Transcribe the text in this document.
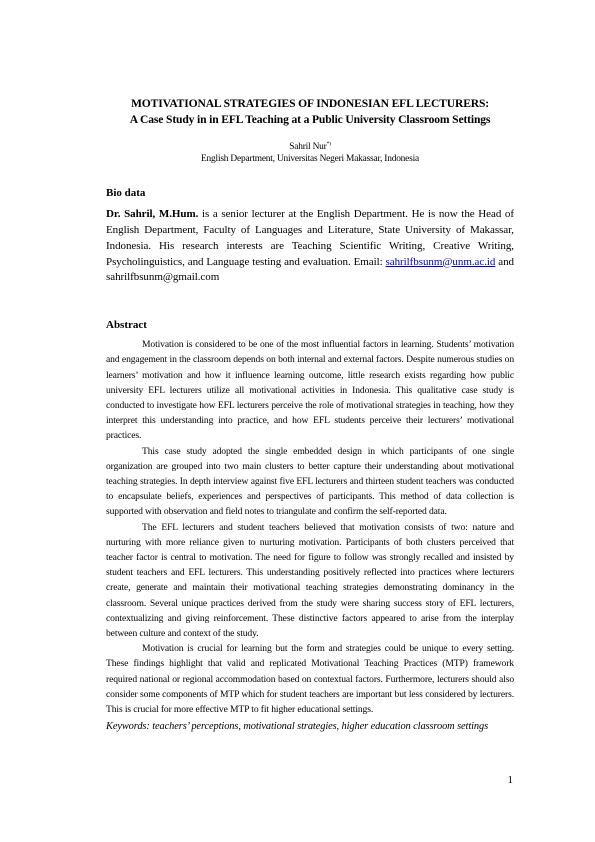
MOTIVATIONAL STRATEGIES OF INDONESIAN EFL LECTURERS:
A Case Study in in EFL Teaching at a Public University Classroom Settings
Sahril Nur*)
English Department, Universitas Negeri Makassar, Indonesia
Bio data
Dr. Sahril, M.Hum. is a senior lecturer at the English Department. He is now the Head of English Department, Faculty of Languages and Literature, State University of Makassar, Indonesia. His research interests are Teaching Scientific Writing, Creative Writing, Psycholinguistics, and Language testing and evaluation. Email: sahrilfbsunm@unm.ac.id and sahrilfbsunm@gmail.com
Abstract

Motivation is considered to be one of the most influential factors in learning. Students’ motivation and engagement in the classroom depends on both internal and external factors. Despite numerous studies on learners’ motivation and how it influence learning outcome, little research exists regarding how public university EFL lecturers utilize all motivational activities in Indonesia. This qualitative case study is conducted to investigate how EFL lecturers perceive the role of motivational strategies in teaching, how they interpret this understanding into practice, and how EFL students perceive their lecturers’ motivational practices.

This case study adopted the single embedded design in which participants of one single organization are grouped into two main clusters to better capture their understanding about motivational teaching strategies. In depth interview against five EFL lecturers and thirteen student teachers was conducted to encapsulate beliefs, experiences and perspectives of participants. This method of data collection is supported with observation and field notes to triangulate and confirm the self-reported data.

The EFL lecturers and student teachers believed that motivation consists of two: nature and nurturing with more reliance given to nurturing motivation. Participants of both clusters perceived that teacher factor is central to motivation. The need for figure to follow was strongly recalled and insisted by student teachers and EFL lecturers. This understanding positively reflected into practices where lecturers create, generate and maintain their motivational teaching strategies demonstrating dominancy in the classroom. Several unique practices derived from the study were sharing success story of EFL lecturers, contextualizing and giving reinforcement. These distinctive factors appeared to arise from the interplay between culture and context of the study.

Motivation is crucial for learning but the form and strategies could be unique to every setting. These findings highlight that valid and replicated Motivational Teaching Practices (MTP) framework required national or regional accommodation based on contextual factors. Furthermore, lecturers should also consider some components of MTP which for student teachers are important but less considered by lecturers. This is crucial for more effective MTP to fit higher educational settings.

Keywords: teachers’ perceptions, motivational strategies, higher education classroom settings
1
